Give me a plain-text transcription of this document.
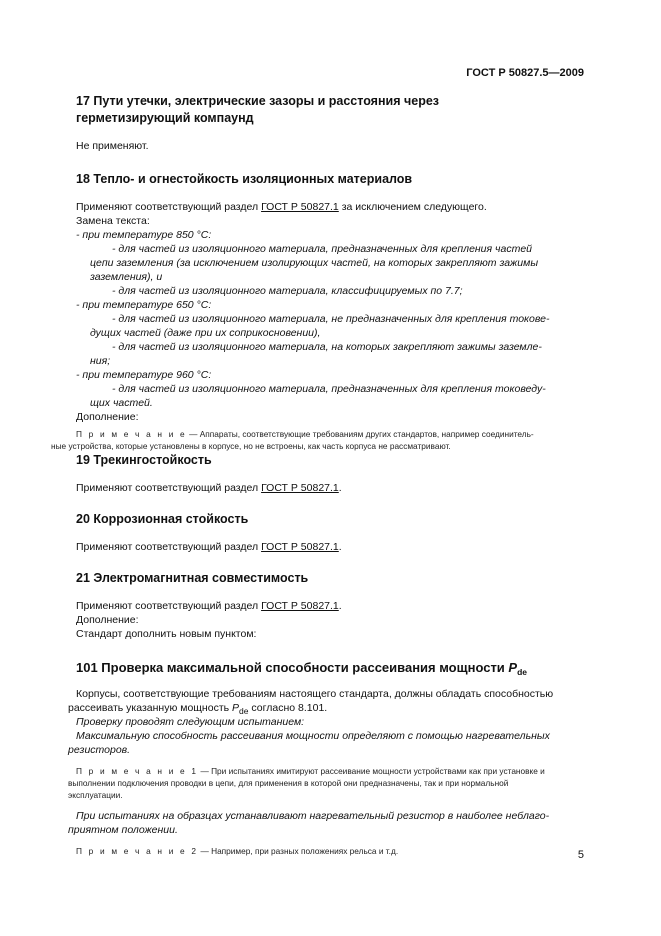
ГОСТ Р 50827.5—2009
17 Пути утечки, электрические зазоры и расстояния через
герметизирующий компаунд

Не применяют.

18 Тепло- и огнестойкость изоляционных материалов

Применяют соответствующий раздел ГОСТ Р 50827.1 за исключением следующего.

Замена текста:

- при температуре 850 °С:

- для частей из изоляционного материала, предназначенных для крепления частей

цепи заземления (за исключением изолирующих частей, на которых закрепляют зажимы

заземления), и

- для частей из изоляционного материала, классифицируемых по 7.7;

- при температуре 650 °С:

- для частей из изоляционного материала, не предназначенных для крепления токове-

дущих частей (даже при их соприкосновении),

- для частей из изоляционного материала, на которых закрепляют зажимы заземле-

ния;

- при температуре 960 °С:

- для частей из изоляционного материала, предназначенных для крепления токоведу-

щих частей.

Дополнение:

П р и м е ч а н и е — Аппараты, соответствующие требованиям других стандартов, например соединитель-

ные устройства, которые установлены в корпусе, но не встроены, как часть корпуса не рассматривают.

19 Трекингостойкость

Применяют соответствующий раздел ГОСТ Р 50827.1.

20 Коррозионная стойкость

Применяют соответствующий раздел ГОСТ Р 50827.1.

21 Электромагнитная совместимость

Применяют соответствующий раздел ГОСТ Р 50827.1.

Дополнение:

Стандарт дополнить новым пунктом:

101 Проверка максимальной способности рассеивания мощности $P_{de}$

Корпусы, соответствующие требованиям настоящего стандарта, должны обладать способностью

рассеивать указанную мощность $P_{de}$ согласно 8.101.

Проверку проводят следующим испытанием:

Максимальную способность рассеивания мощности определяют с помощью нагревательных

резисторов.

П р и м е ч а н и е 1 — При испытаниях имитируют рассеивание мощности устройствами как при установке и

выполнении подключения проводки в цепи, для применения в которой они предназначены, так и при нормальной

эксплуатации.

При испытаниях на образцах устанавливают нагревательный резистор в наиболее неблаго-

приятном положении.

П р и м е ч а н и е 2 — Например, при разных положениях рельса и т.д.	5
